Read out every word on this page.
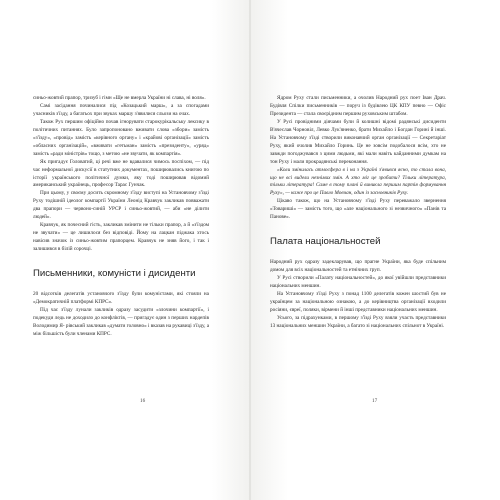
синьо-жовтий прапор, тризуб і гімн «Ще не вмерла України ні слава, ні воля».

Самі засідання починалися під «Козацький марш», а за спогадами учасників з'їзду, а багатьох при звуках маршу з'явилися сльози на очах.

Також Рух першим офіційно почав ігнорувати старокурікальську лексику в політичних питаннях. Було запропоновано вживати слова «збори» замість «з'їзду», «провід» замість «керівного органу» і «крайові організації» замість «обласних організацій», «вживати «гетьман» замість «президенту», «уряд» замість «ради міністрів» тощо, з метою «не звучати, як компартія».

Як пригадує Головатий, ці речі вже не вдавалися чимось поспіхом, — під час неформальної дискусії в статутних документах, поширювались книгою по історії українського політичної думки, яку тоді поширював відомий американський українець, професор Тарас Гунчак.

При цьому, у своєму досить скромному з'їзду виступі на Установчому з'їзді Руху тодішній ідеолог компартії України Леонід Кравчук закликав повважати два прапори — червоно-синій УРСР і синьо-жовтий, — аби «не ділити людей».

Кравчук, як почесний гість, закликав змінити не тільки прапор, а й «з'їздом не звучати» — це лишилося без відповіді. Йому на лацкан піджака хтось навісив значок із синьо-жовтим прапорцем. Кравчук не зняв його, і так і залишився в білій сорочці.

Письменники, комуністи і дисиденти

20 відсотків делегатів установчого з'їзду були комуністами, які стояли на «Демократичній платформі КПРС».

Під час з'їзду лунали закликів одразу засудити «злочини компартії», і подекуди ледь не доходило до конфліктів, — пригадує один з перших нардепів Володимир Я- рівський закликав «думати головно» і вказав на рукавиці з'їзду, а між більшість були членами КПРС.

16	17

Ядром Руху стали письменники, а очолив Народний рух поет Іван Драч. Будівля Спілки письменників — поруч із будівлею ЦК КПУ певно — Офіс Президента — стала своєрідним першим руховським штабом.

У Русі провідними діячами були й колишні відомі радянські дисиденти В'ячеслав Чорновіл, Левко Лук'яненко, брати Михайло і Богдан Горині й інші. На Установчому з'їзді створили виконавчий орган організації — Секретаріат Руху, який очолив Михайло Горинь. Це не зовсім подобалося всім, хто не завжди погоджувався з цими людьми, які мали навіть кайданними думкам на тон Руху і мали прокрадянські переконання.

«Коли змінилась атмосфера в і на з Україні з'явився ясно, то стала вона, що не всі видели незнімих змін. А хто міг це зробити? Тільки література, тільки література! Саме в тому плані й виникла першим партія формування Руху», — каже про це Павло Мовчан, один із засновників Руху.

Цікаво також, що на Установчому з'їзді Руху переважало звернення «Товариші» — замість того, що «але національного зі незвичного» «Панів та Панове».

Палата національностей

Народний рух одразу задекларував, що прагне України, яка буде спільним домом для всіх національностей та етнічних груп.

У Русі створили «Палату національностей», до якої увійшли представники національних меншин.

На Установчому з'їзді Руху з понад 1100 делегатів кожен шостий був не українцем за національною ознакою, а до керівництва організації входили росіяни, євреї, поляки, вірмени й інші представники національних меншин.

Усього, за підрахунками, в першому з'їзді Руху взяли участь представники 13 національних меншин України, а багато зі національних спільнот в Україні.
